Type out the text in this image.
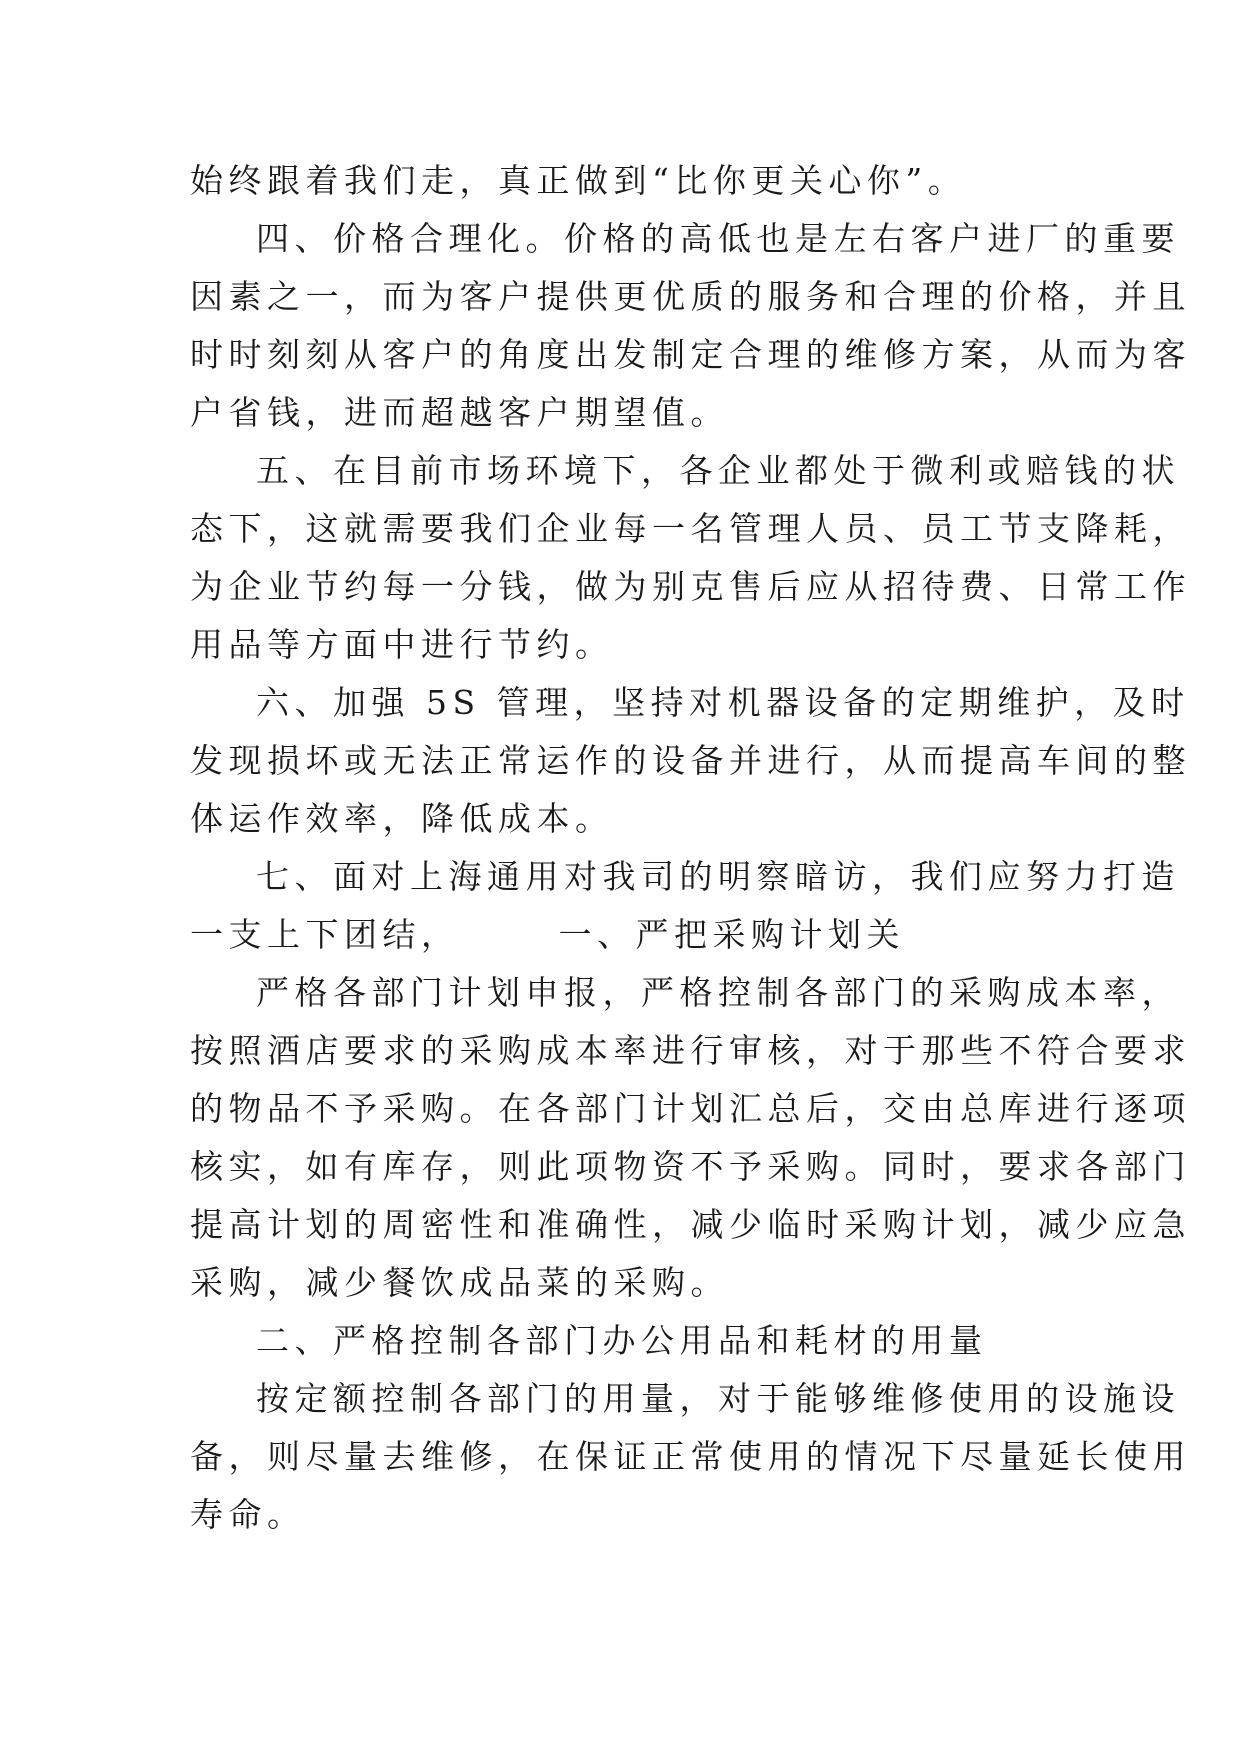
始终跟着我们走，真正做到“比你更关心你”。
四、价格合理化。价格的高低也是左右客户进厂的重要
因素之一，而为客户提供更优质的服务和合理的价格，并且
时时刻刻从客户的角度出发制定合理的维修方案，从而为客
户省钱，进而超越客户期望值。
五、在目前市场环境下，各企业都处于微利或赔钱的状
态下，这就需要我们企业每一名管理人员、员工节支降耗，
为企业节约每一分钱，做为别克售后应从招待费、日常工作
用品等方面中进行节约。
六、加强 5S 管理，坚持对机器设备的定期维护，及时
发现损坏或无法正常运作的设备并进行，从而提高车间的整
体运作效率，降低成本。
七、面对上海通用对我司的明察暗访，我们应努力打造
一支上下团结，　　　一、严把采购计划关
严格各部门计划申报，严格控制各部门的采购成本率，
按照酒店要求的采购成本率进行审核，对于那些不符合要求
的物品不予采购。在各部门计划汇总后，交由总库进行逐项
核实，如有库存，则此项物资不予采购。同时，要求各部门
提高计划的周密性和准确性，减少临时采购计划，减少应急
采购，减少餐饮成品菜的采购。
二、严格控制各部门办公用品和耗材的用量
按定额控制各部门的用量，对于能够维修使用的设施设
备，则尽量去维修，在保证正常使用的情况下尽量延长使用
寿命。
